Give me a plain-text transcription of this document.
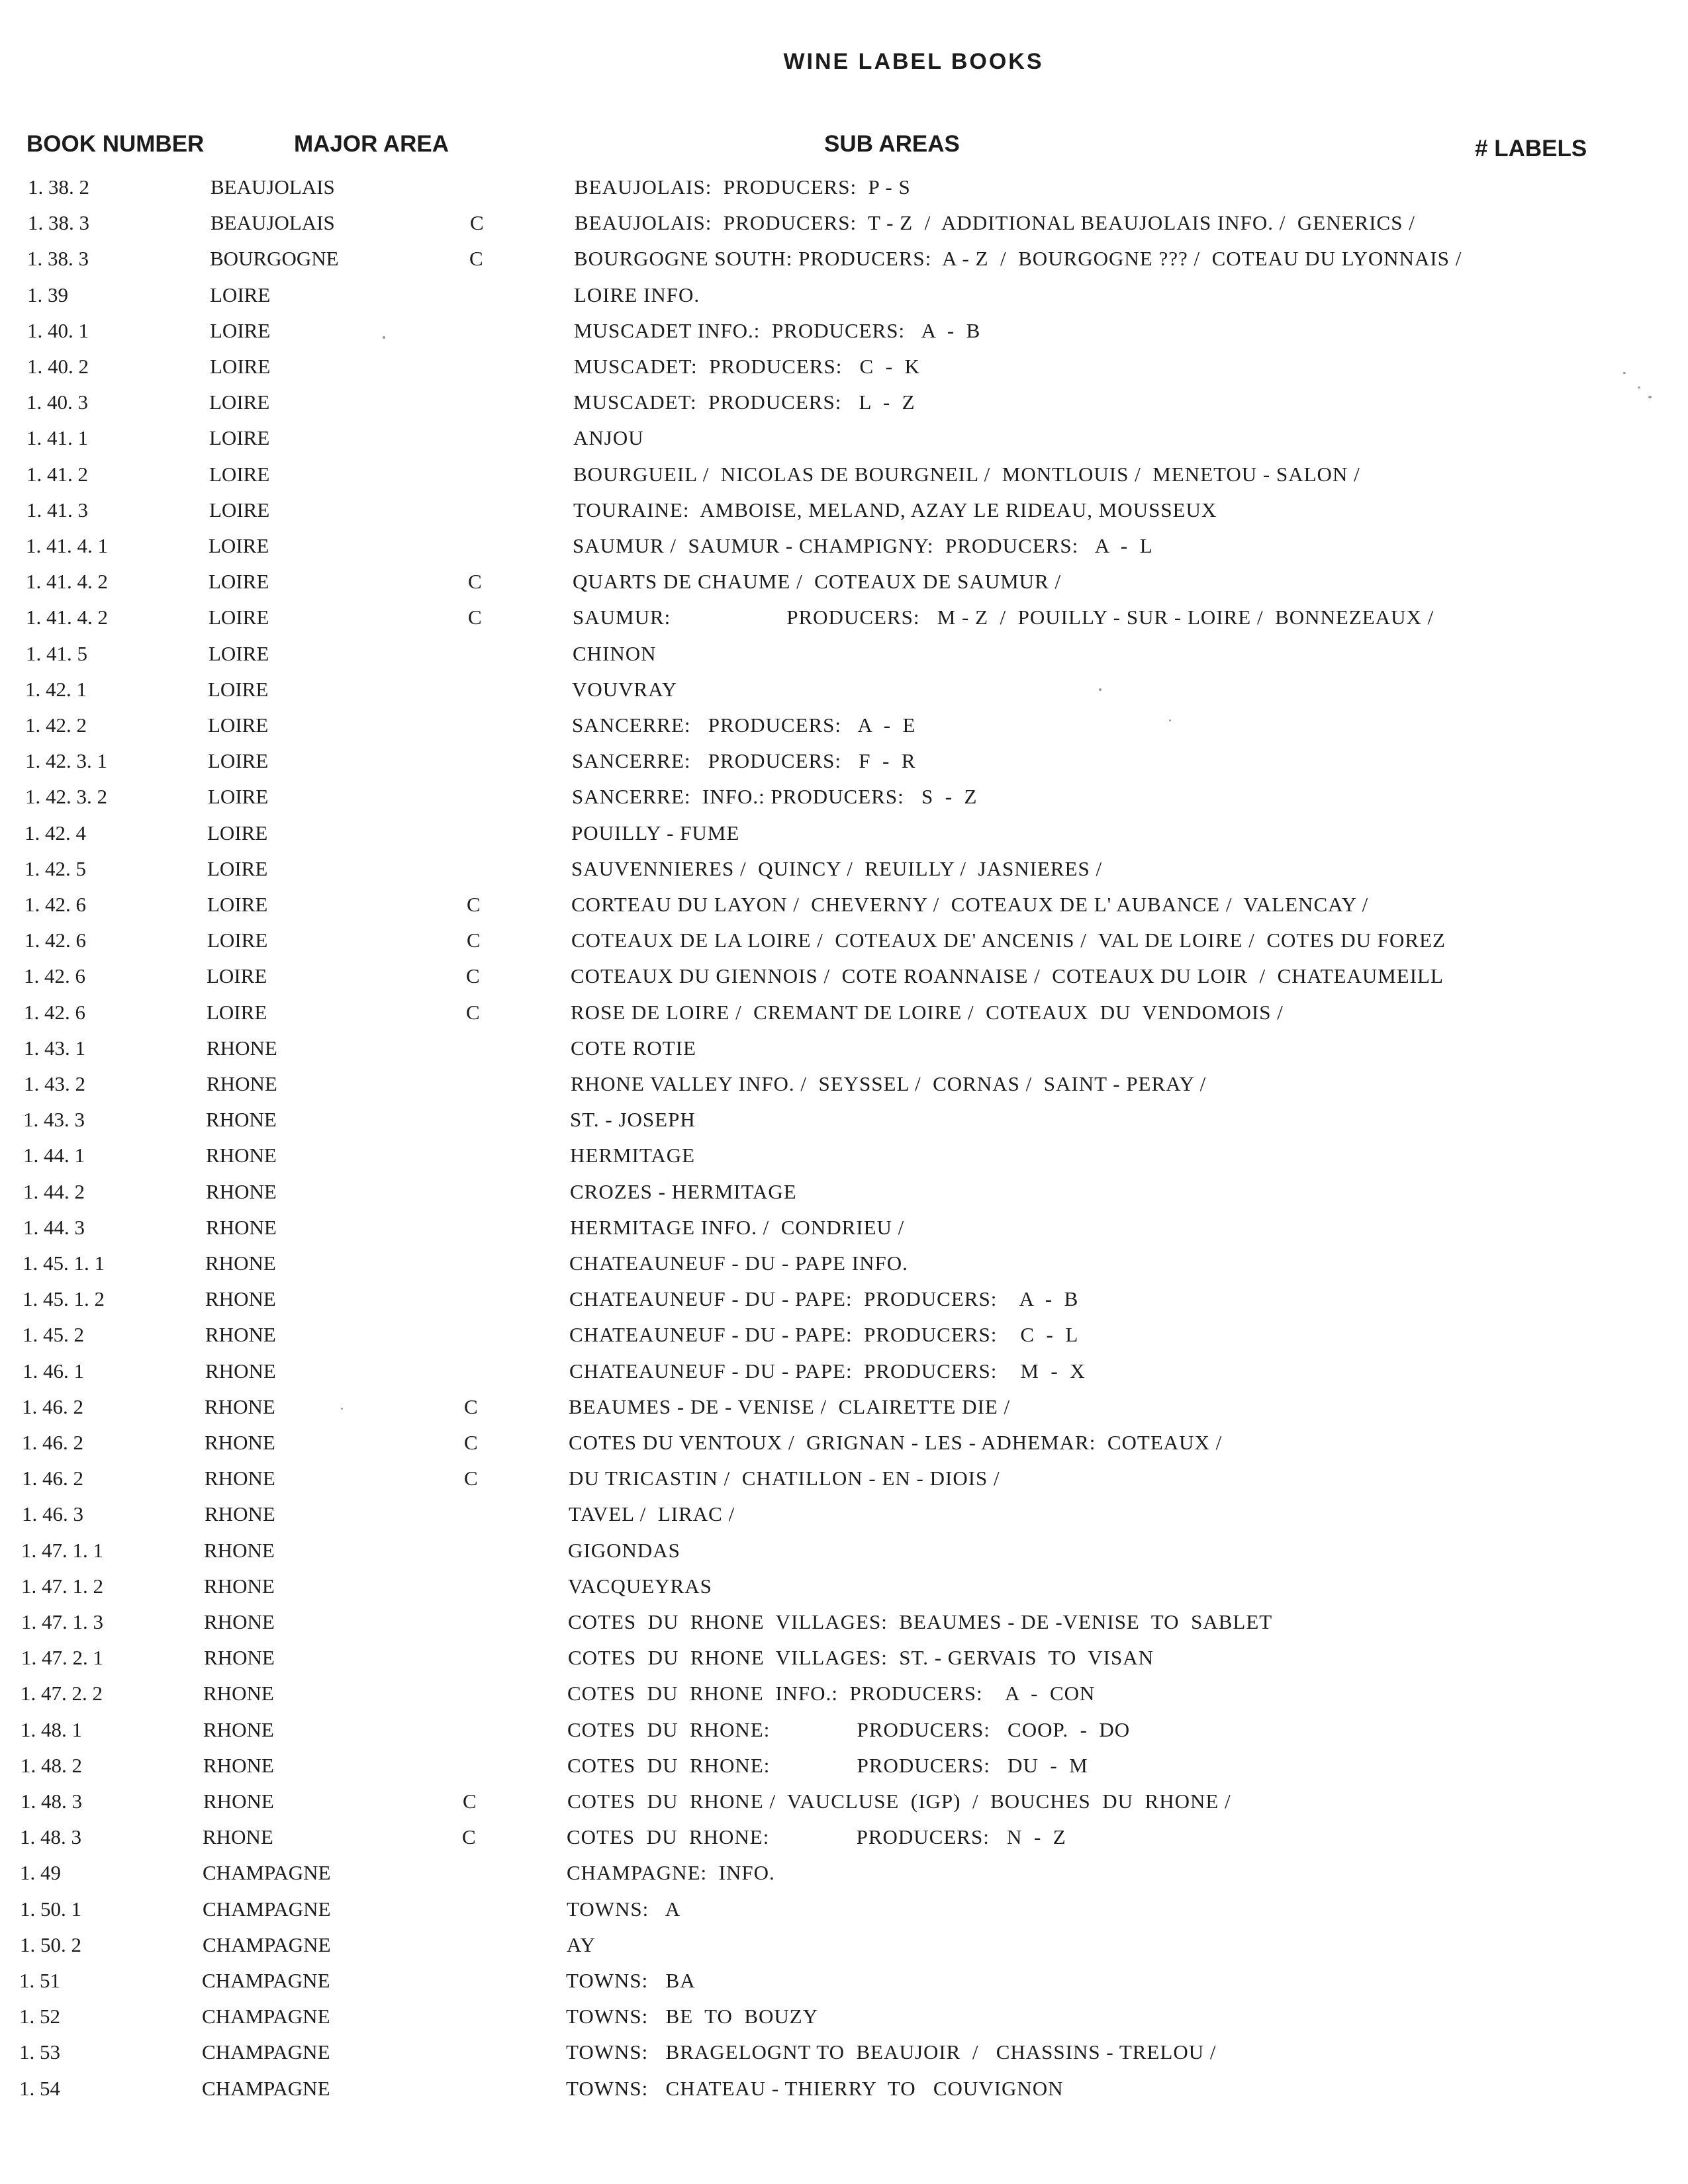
WINE LABEL BOOKS
BOOK NUMBER	MAJOR AREA	SUB AREAS	# LABELS
1. 38. 2	BEAUJOLAIS	BEAUJOLAIS:  PRODUCERS:  P - S
1. 38. 3	BEAUJOLAIS	C	BEAUJOLAIS:  PRODUCERS:  T - Z  /  ADDITIONAL BEAUJOLAIS INFO. /  GENERICS /
1. 38. 3	BOURGOGNE	C	BOURGOGNE SOUTH: PRODUCERS:  A - Z  /  BOURGOGNE ??? /  COTEAU DU LYONNAIS /
1. 39	LOIRE	LOIRE INFO.
1. 40. 1	LOIRE	MUSCADET INFO.:  PRODUCERS:   A  -  B
1. 40. 2	LOIRE	MUSCADET:  PRODUCERS:   C  -  K
1. 40. 3	LOIRE	MUSCADET:  PRODUCERS:   L  -  Z
1. 41. 1	LOIRE	ANJOU
1. 41. 2	LOIRE	BOURGUEIL /  NICOLAS DE BOURGNEIL /  MONTLOUIS /  MENETOU - SALON /
1. 41. 3	LOIRE	TOURAINE:  AMBOISE, MELAND, AZAY LE RIDEAU, MOUSSEUX
1. 41. 4. 1	LOIRE	SAUMUR /  SAUMUR - CHAMPIGNY:  PRODUCERS:   A  -  L
1. 41. 4. 2	LOIRE	C	QUARTS DE CHAUME /  COTEAUX DE SAUMUR /
1. 41. 4. 2	LOIRE	C	SAUMUR:                    PRODUCERS:   M - Z  /  POUILLY - SUR - LOIRE /  BONNEZEAUX /
1. 41. 5	LOIRE	CHINON
1. 42. 1	LOIRE	VOUVRAY
1. 42. 2	LOIRE	SANCERRE:   PRODUCERS:   A  -  E
1. 42. 3. 1	LOIRE	SANCERRE:   PRODUCERS:   F  -  R
1. 42. 3. 2	LOIRE	SANCERRE:  INFO.: PRODUCERS:   S  -  Z
1. 42. 4	LOIRE	POUILLY - FUME
1. 42. 5	LOIRE	SAUVENNIERES /  QUINCY /  REUILLY /  JASNIERES /
1. 42. 6	LOIRE	C	CORTEAU DU LAYON /  CHEVERNY /  COTEAUX DE L' AUBANCE /  VALENCAY /
1. 42. 6	LOIRE	C	COTEAUX DE LA LOIRE /  COTEAUX DE' ANCENIS /  VAL DE LOIRE /  COTES DU FOREZ
1. 42. 6	LOIRE	C	COTEAUX DU GIENNOIS /  COTE ROANNAISE /  COTEAUX DU LOIR  /  CHATEAUMEILL
1. 42. 6	LOIRE	C	ROSE DE LOIRE /  CREMANT DE LOIRE /  COTEAUX  DU  VENDOMOIS /
1. 43. 1	RHONE	COTE ROTIE
1. 43. 2	RHONE	RHONE VALLEY INFO. /  SEYSSEL /  CORNAS /  SAINT - PERAY /
1. 43. 3	RHONE	ST. - JOSEPH
1. 44. 1	RHONE	HERMITAGE
1. 44. 2	RHONE	CROZES - HERMITAGE
1. 44. 3	RHONE	HERMITAGE INFO. /  CONDRIEU /
1. 45. 1. 1	RHONE	CHATEAUNEUF - DU - PAPE INFO.
1. 45. 1. 2	RHONE	CHATEAUNEUF - DU - PAPE:  PRODUCERS:    A  -  B
1. 45. 2	RHONE	CHATEAUNEUF - DU - PAPE:  PRODUCERS:    C  -  L
1. 46. 1	RHONE	CHATEAUNEUF - DU - PAPE:  PRODUCERS:    M  -  X
1. 46. 2	RHONE	C	BEAUMES - DE - VENISE /  CLAIRETTE DIE /
1. 46. 2	RHONE	C	COTES DU VENTOUX /  GRIGNAN - LES - ADHEMAR:  COTEAUX /
1. 46. 2	RHONE	C	DU TRICASTIN /  CHATILLON - EN - DIOIS /
1. 46. 3	RHONE	TAVEL /  LIRAC /
1. 47. 1. 1	RHONE	GIGONDAS
1. 47. 1. 2	RHONE	VACQUEYRAS
1. 47. 1. 3	RHONE	COTES  DU  RHONE  VILLAGES:  BEAUMES - DE -VENISE  TO  SABLET
1. 47. 2. 1	RHONE	COTES  DU  RHONE  VILLAGES:  ST. - GERVAIS  TO  VISAN
1. 47. 2. 2	RHONE	COTES  DU  RHONE  INFO.:  PRODUCERS:    A  -  CON
1. 48. 1	RHONE	COTES  DU  RHONE:               PRODUCERS:   COOP.  -  DO
1. 48. 2	RHONE	COTES  DU  RHONE:               PRODUCERS:   DU  -  M
1. 48. 3	RHONE	C	COTES  DU  RHONE /  VAUCLUSE  (IGP)  /  BOUCHES  DU  RHONE /
1. 48. 3	RHONE	C	COTES  DU  RHONE:               PRODUCERS:   N  -  Z
1. 49	CHAMPAGNE	CHAMPAGNE:  INFO.
1. 50. 1	CHAMPAGNE	TOWNS:   A
1. 50. 2	CHAMPAGNE	AY
1. 51	CHAMPAGNE	TOWNS:   BA
1. 52	CHAMPAGNE	TOWNS:   BE  TO  BOUZY
1. 53	CHAMPAGNE	TOWNS:   BRAGELOGNT TO  BEAUJOIR  /   CHASSINS - TRELOU /
1. 54	CHAMPAGNE	TOWNS:   CHATEAU - THIERRY  TO   COUVIGNON
